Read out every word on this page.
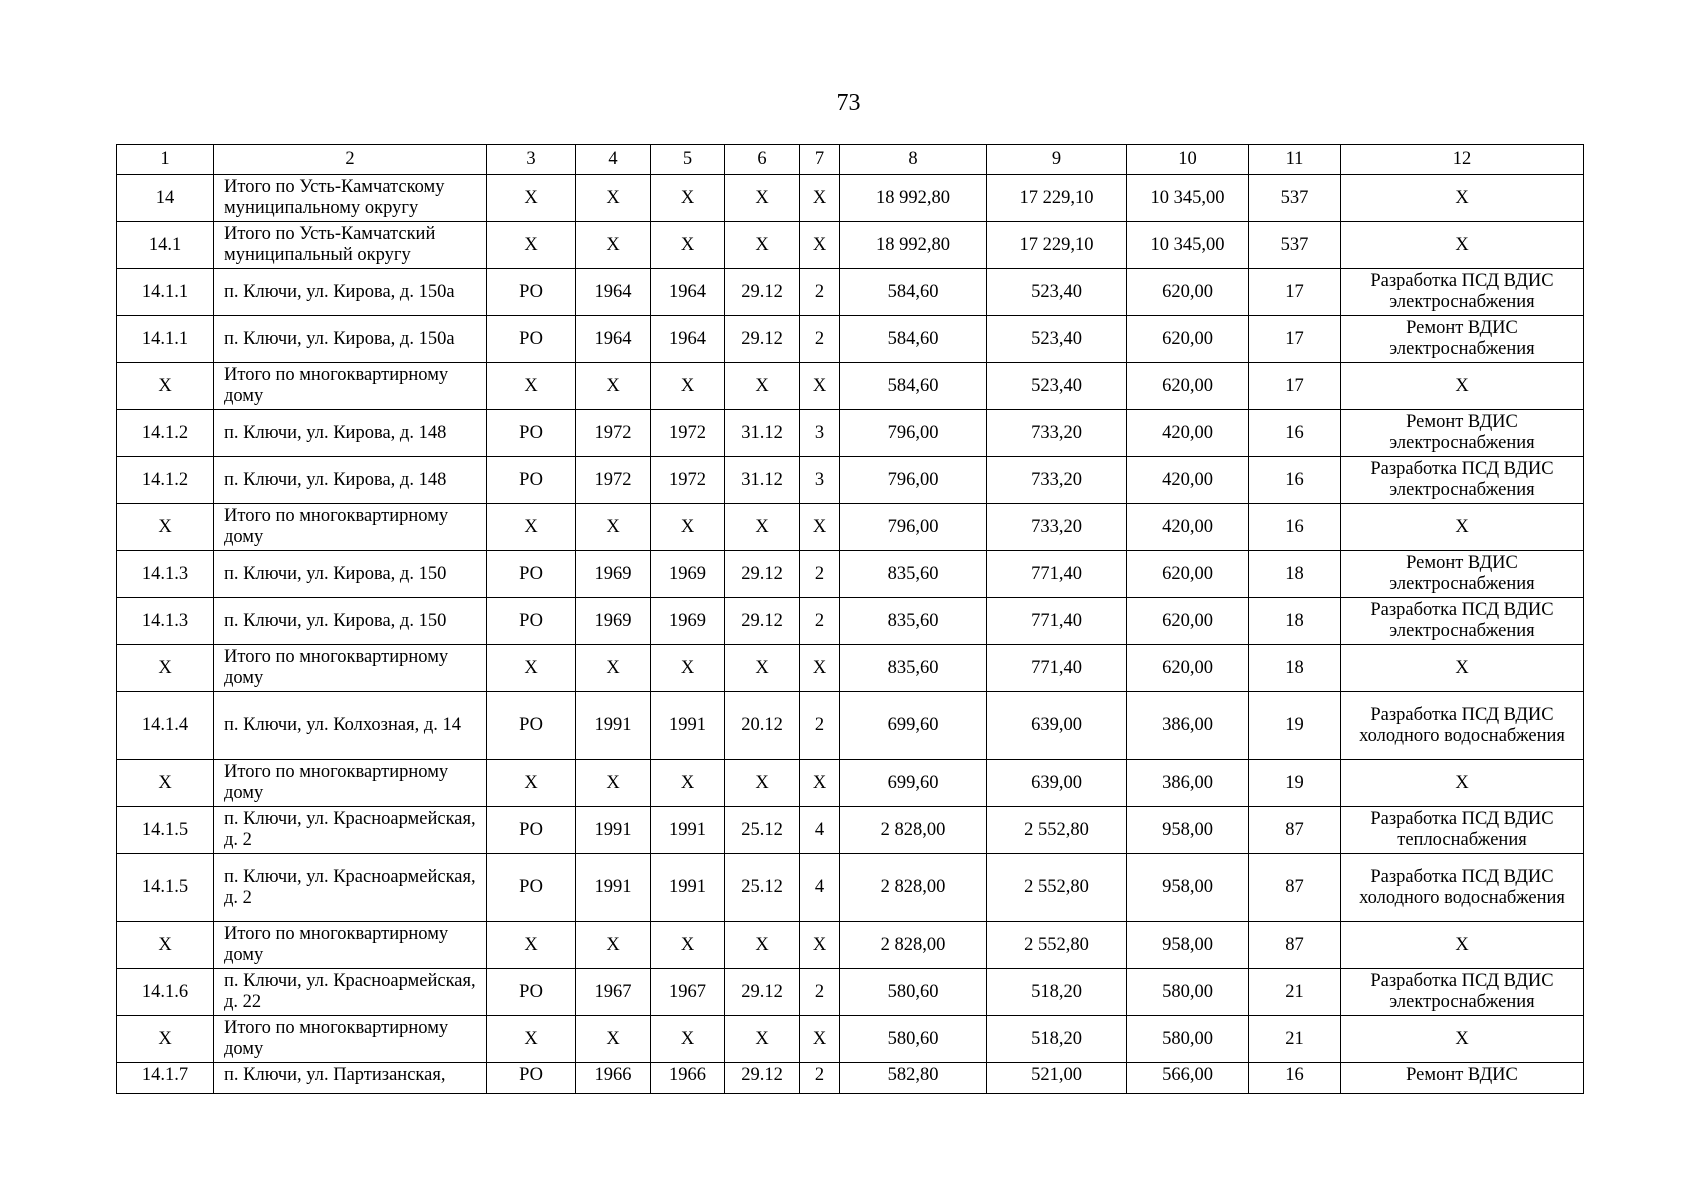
73
1	2	3	4	5	6	7	8	9	10	11	12
14	Итого по Усть-Камчатскому муниципальному округу	Х	Х	Х	Х	Х	18 992,80	17 229,10	10 345,00	537	Х
14.1	Итого по Усть-Камчатский муниципальный округу	Х	Х	Х	Х	Х	18 992,80	17 229,10	10 345,00	537	Х
14.1.1	п. Ключи, ул. Кирова, д. 150а	РО	1964	1964	29.12	2	584,60	523,40	620,00	17	Разработка ПСД ВДИС электроснабжения
14.1.1	п. Ключи, ул. Кирова, д. 150а	РО	1964	1964	29.12	2	584,60	523,40	620,00	17	Ремонт ВДИС электроснабжения
Х	Итого по многоквартирному дому	Х	Х	Х	Х	Х	584,60	523,40	620,00	17	Х
14.1.2	п. Ключи, ул. Кирова, д. 148	РО	1972	1972	31.12	3	796,00	733,20	420,00	16	Ремонт ВДИС электроснабжения
14.1.2	п. Ключи, ул. Кирова, д. 148	РО	1972	1972	31.12	3	796,00	733,20	420,00	16	Разработка ПСД ВДИС электроснабжения
Х	Итого по многоквартирному дому	Х	Х	Х	Х	Х	796,00	733,20	420,00	16	Х
14.1.3	п. Ключи, ул. Кирова, д. 150	РО	1969	1969	29.12	2	835,60	771,40	620,00	18	Ремонт ВДИС электроснабжения
14.1.3	п. Ключи, ул. Кирова, д. 150	РО	1969	1969	29.12	2	835,60	771,40	620,00	18	Разработка ПСД ВДИС электроснабжения
Х	Итого по многоквартирному дому	Х	Х	Х	Х	Х	835,60	771,40	620,00	18	Х
14.1.4	п. Ключи, ул. Колхозная, д. 14	РО	1991	1991	20.12	2	699,60	639,00	386,00	19	Разработка ПСД ВДИС холодного водоснабжения
Х	Итого по многоквартирному дому	Х	Х	Х	Х	Х	699,60	639,00	386,00	19	Х
14.1.5	п. Ключи, ул. Красноармейская, д. 2	РО	1991	1991	25.12	4	2 828,00	2 552,80	958,00	87	Разработка ПСД ВДИС теплоснабжения
14.1.5	п. Ключи, ул. Красноармейская, д. 2	РО	1991	1991	25.12	4	2 828,00	2 552,80	958,00	87	Разработка ПСД ВДИС холодного водоснабжения
Х	Итого по многоквартирному дому	Х	Х	Х	Х	Х	2 828,00	2 552,80	958,00	87	Х
14.1.6	п. Ключи, ул. Красноармейская, д. 22	РО	1967	1967	29.12	2	580,60	518,20	580,00	21	Разработка ПСД ВДИС электроснабжения
Х	Итого по многоквартирному дому	Х	Х	Х	Х	Х	580,60	518,20	580,00	21	Х
14.1.7	п. Ключи, ул. Партизанская,	РО	1966	1966	29.12	2	582,80	521,00	566,00	16	Ремонт ВДИС
